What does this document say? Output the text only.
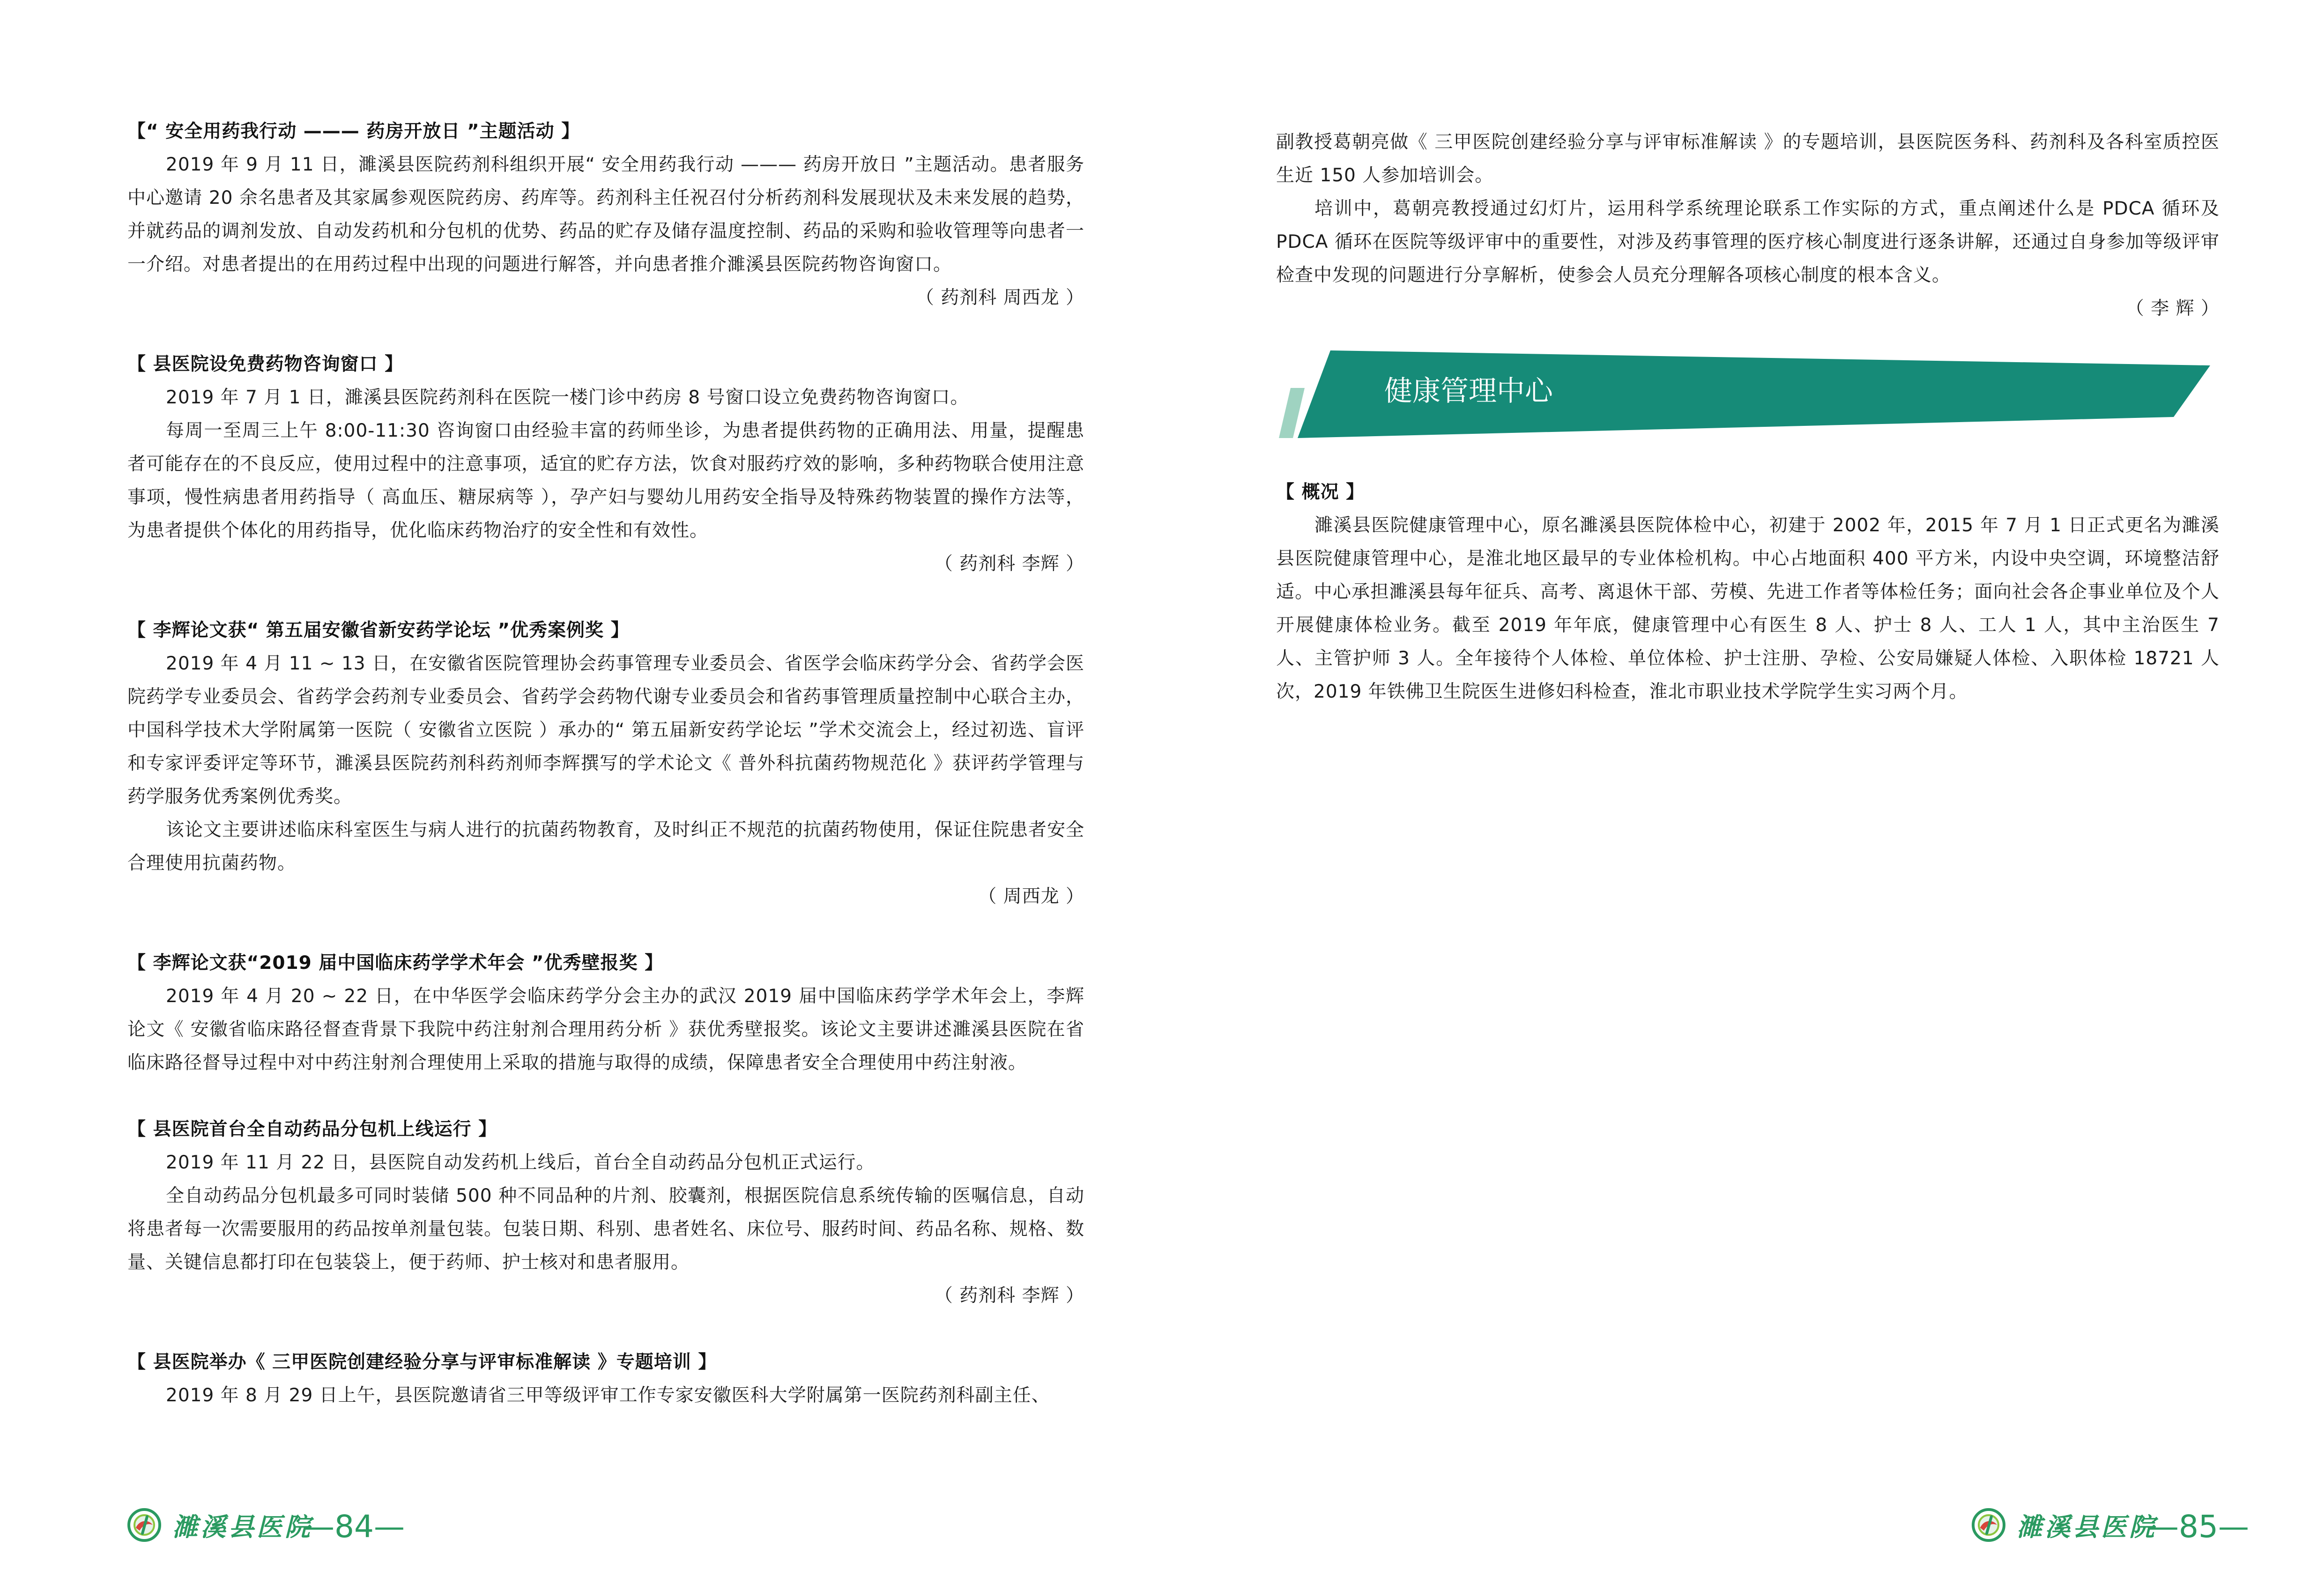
【“ 安全用药我行动 ——— 药房开放日 ”主题活动 】

2019 年 9 月 11 日，濉溪县医院药剂科组织开展“ 安全用药我行动 ——— 药房开放日 ”主题活动。患者服务中心邀请 20 余名患者及其家属参观医院药房、药库等。药剂科主任祝召付分析药剂科发展现状及未来发展的趋势，并就药品的调剂发放、自动发药机和分包机的优势、药品的贮存及储存温度控制、药品的采购和验收管理等向患者一一介绍。对患者提出的在用药过程中出现的问题进行解答，并向患者推介濉溪县医院药物咨询窗口。

（ 药剂科 周西龙 ）

【 县医院设免费药物咨询窗口 】

2019 年 7 月 1 日，濉溪县医院药剂科在医院一楼门诊中药房 8 号窗口设立免费药物咨询窗口。

每周一至周三上午 8:00-11:30 咨询窗口由经验丰富的药师坐诊，为患者提供药物的正确用法、用量，提醒患者可能存在的不良反应，使用过程中的注意事项，适宜的贮存方法，饮食对服药疗效的影响，多种药物联合使用注意事项，慢性病患者用药指导（ 高血压、糖尿病等 ），孕产妇与婴幼儿用药安全指导及特殊药物装置的操作方法等，为患者提供个体化的用药指导，优化临床药物治疗的安全性和有效性。

（ 药剂科 李辉 ）

【 李辉论文获“ 第五届安徽省新安药学论坛 ”优秀案例奖 】

2019 年 4 月 11 ~ 13 日，在安徽省医院管理协会药事管理专业委员会、省医学会临床药学分会、省药学会医院药学专业委员会、省药学会药剂专业委员会、省药学会药物代谢专业委员会和省药事管理质量控制中心联合主办，中国科学技术大学附属第一医院（ 安徽省立医院 ）承办的“ 第五届新安药学论坛 ”学术交流会上，经过初选、盲评和专家评委评定等环节，濉溪县医院药剂科药剂师李辉撰写的学术论文《 普外科抗菌药物规范化 》获评药学管理与药学服务优秀案例优秀奖。

该论文主要讲述临床科室医生与病人进行的抗菌药物教育，及时纠正不规范的抗菌药物使用，保证住院患者安全合理使用抗菌药物。

（ 周西龙 ）

【 李辉论文获“2019 届中国临床药学学术年会 ”优秀壁报奖 】

2019 年 4 月 20 ~ 22 日，在中华医学会临床药学分会主办的武汉 2019 届中国临床药学学术年会上，李辉论文《 安徽省临床路径督查背景下我院中药注射剂合理用药分析 》获优秀壁报奖。该论文主要讲述濉溪县医院在省临床路径督导过程中对中药注射剂合理使用上采取的措施与取得的成绩，保障患者安全合理使用中药注射液。

【 县医院首台全自动药品分包机上线运行 】

2019 年 11 月 22 日，县医院自动发药机上线后，首台全自动药品分包机正式运行。

全自动药品分包机最多可同时装储 500 种不同品种的片剂、胶囊剂，根据医院信息系统传输的医嘱信息，自动将患者每一次需要服用的药品按单剂量包装。包装日期、科别、患者姓名、床位号、服药时间、药品名称、规格、数量、关键信息都打印在包装袋上，便于药师、护士核对和患者服用。

（ 药剂科 李辉 ）

【 县医院举办《 三甲医院创建经验分享与评审标准解读 》专题培训 】

2019 年 8 月 29 日上午，县医院邀请省三甲等级评审工作专家安徽医科大学附属第一医院药剂科副主任、

副教授葛朝亮做《 三甲医院创建经验分享与评审标准解读 》的专题培训，县医院医务科、药剂科及各科室质控医生近 150 人参加培训会。

培训中，葛朝亮教授通过幻灯片，运用科学系统理论联系工作实际的方式，重点阐述什么是 PDCA 循环及 PDCA 循环在医院等级评审中的重要性，对涉及药事管理的医疗核心制度进行逐条讲解，还通过自身参加等级评审检查中发现的问题进行分享解析，使参会人员充分理解各项核心制度的根本含义。

（ 李 辉 ）

健康管理中心

【 概况 】

濉溪县医院健康管理中心，原名濉溪县医院体检中心，初建于 2002 年，2015 年 7 月 1 日正式更名为濉溪县医院健康管理中心，是淮北地区最早的专业体检机构。中心占地面积 400 平方米，内设中央空调，环境整洁舒适。中心承担濉溪县每年征兵、高考、离退休干部、劳模、先进工作者等体检任务；面向社会各企事业单位及个人开展健康体检业务。截至 2019 年年底，健康管理中心有医生 8 人、护士 8 人、工人 1 人，其中主治医生 7 人、主管护师 3 人。全年接待个人体检、单位体检、护士注册、孕检、公安局嫌疑人体检、入职体检 18721 人次，2019 年铁佛卫生院医生进修妇科检查，淮北市职业技术学院学生实习两个月。

濉溪县医院
—84—	濉溪县医院
—85—
